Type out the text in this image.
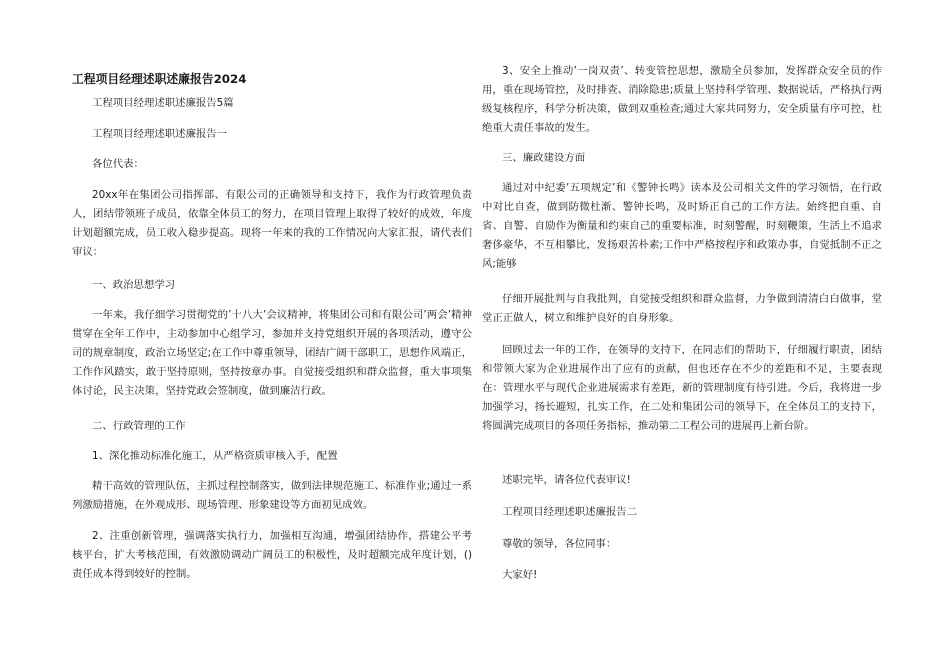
工程项目经理述职述廉报告2024

工程项目经理述职述廉报告5篇

工程项目经理述职述廉报告一

各位代表：

20xx年在集团公司指挥部、有限公司的正确领导和支持下，我作为行政管理负责人，团结带领班子成员，依靠全体员工的努力，在项目管理上取得了较好的成效，年度计划超额完成，员工收入稳步提高。现将一年来的我的工作情况向大家汇报，请代表们审议：

一、政治思想学习

一年来，我仔细学习贯彻党的’十八大’会议精神，将集团公司和有限公司’两会’精神贯穿在全年工作中，主动参加中心组学习，参加并支持党组织开展的各项活动，遵守公司的规章制度，政治立场坚定;在工作中尊重领导，团结广阔干部职工，思想作风端正，工作作风踏实，敢于坚持原则，坚持按章办事。自觉接受组织和群众监督，重大事项集体讨论，民主决策，坚持党政会签制度，做到廉洁行政。

二、行政管理的工作

1、深化推动标准化施工，从严格资质审核入手，配置

精干高效的管理队伍，主抓过程控制落实，做到法律规范施工、标准作业;通过一系列激励措施，在外观成形、现场管理、形象建设等方面初见成效。

2、注重创新管理，强调落实执行力，加强相互沟通，增强团结协作，搭建公平考核平台，扩大考核范围，有效激励调动广阔员工的积极性，及时超额完成年度计划，()责任成本得到较好的控制。

3、安全上推动’一岗双责’、转变管控思想，激励全员参加，发挥群众安全员的作用，重在现场管控，及时排查、消除隐患;质量上坚持科学管理、数据说话，严格执行两级复核程序，科学分析决策，做到双重检查;通过大家共同努力，安全质量有序可控，杜绝重大责任事故的发生。

三、廉政建设方面

通过对中纪委’五项规定’和《警钟长鸣》读本及公司相关文件的学习领悟，在行政中对比自查，做到防微杜渐、警钟长鸣，及时矫正自己的工作方法。始终把自重、自省、自警、自励作为衡量和约束自己的重要标准，时刻警醒，时刻鞭策，生活上不追求奢侈豪华，不互相攀比，发扬艰苦朴素;工作中严格按程序和政策办事，自觉抵制不正之风;能够

仔细开展批判与自我批判，自觉接受组织和群众监督，力争做到清清白白做事，堂堂正正做人，树立和维护良好的自身形象。

回顾过去一年的工作，在领导的支持下，在同志们的帮助下，仔细履行职责，团结和带领大家为企业进展作出了应有的贡献，但也还存在不少的差距和不足，主要表现在：管理水平与现代企业进展需求有差距，新的管理制度有待引进。今后，我将进一步加强学习，扬长避短，扎实工作，在二处和集团公司的领导下，在全体员工的支持下，将圆满完成项目的各项任务指标，推动第二工程公司的进展再上新台阶。

述职完毕，请各位代表审议!

工程项目经理述职述廉报告二

尊敬的领导，各位同事：

大家好!
